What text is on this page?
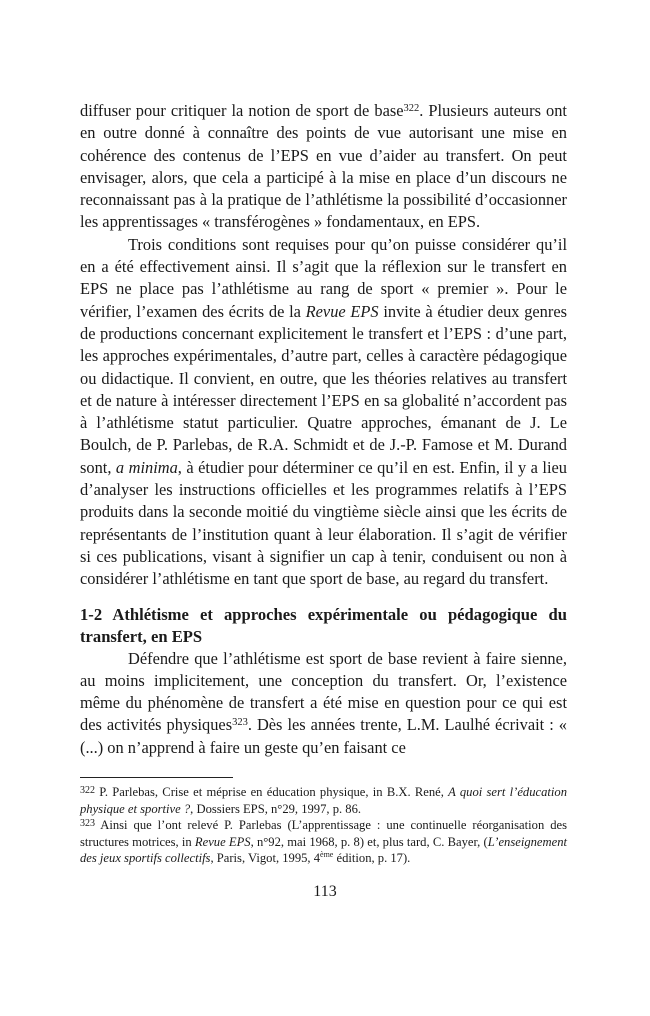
diffuser pour critiquer la notion de sport de base$^{322}$. Plusieurs auteurs ont en outre donné à connaître des points de vue autorisant une mise en cohérence des contenus de l’EPS en vue d’aider au transfert. On peut envisager, alors, que cela a participé à la mise en place d’un discours ne reconnaissant pas à la pratique de l’athlétisme la possibilité d’occasionner les apprentissages « transférogènes » fondamentaux, en EPS.

Trois conditions sont requises pour qu’on puisse considérer qu’il en a été effectivement ainsi. Il s’agit que la réflexion sur le transfert en EPS ne place pas l’athlétisme au rang de sport « premier ». Pour le vérifier, l’examen des écrits de la Revue EPS invite à étudier deux genres de productions concernant explicitement le transfert et l’EPS : d’une part, les approches expérimentales, d’autre part, celles à caractère pédagogique ou didactique. Il convient, en outre, que les théories relatives au transfert et de nature à intéresser directement l’EPS en sa globalité n’accordent pas à l’athlétisme statut particulier. Quatre approches, émanant de J. Le Boulch, de P. Parlebas, de R.A. Schmidt et de J.-P. Famose et M. Durand sont, a minima, à étudier pour déterminer ce qu’il en est. Enfin, il y a lieu d’analyser les instructions officielles et les programmes relatifs à l’EPS produits dans la seconde moitié du vingtième siècle ainsi que les écrits de représentants de l’institution quant à leur élaboration. Il s’agit de vérifier si ces publications, visant à signifier un cap à tenir, conduisent ou non à considérer l’athlétisme en tant que sport de base, au regard du transfert.

1-2 Athlétisme et approches expérimentale ou pédagogique du transfert, en EPS

Défendre que l’athlétisme est sport de base revient à faire sienne, au moins implicitement, une conception du transfert. Or, l’existence même du phénomène de transfert a été mise en question pour ce qui est des activités physiques$^{323}$. Dès les années trente, L.M. Laulhé écrivait : « (...) on n’apprend à faire un geste qu’en faisant ce

$^{322}$ P. Parlebas, Crise et méprise en éducation physique, in B.X. René, A quoi sert l’éducation physique et sportive ?, Dossiers EPS, n°29, 1997, p. 86.

$^{323}$ Ainsi que l’ont relevé P. Parlebas (L’apprentissage : une continuelle réorganisation des structures motrices, in Revue EPS, n°92, mai 1968, p. 8) et, plus tard, C. Bayer, (L’enseignement des jeux sportifs collectifs, Paris, Vigot, 1995, 4ème édition, p. 17).

113
